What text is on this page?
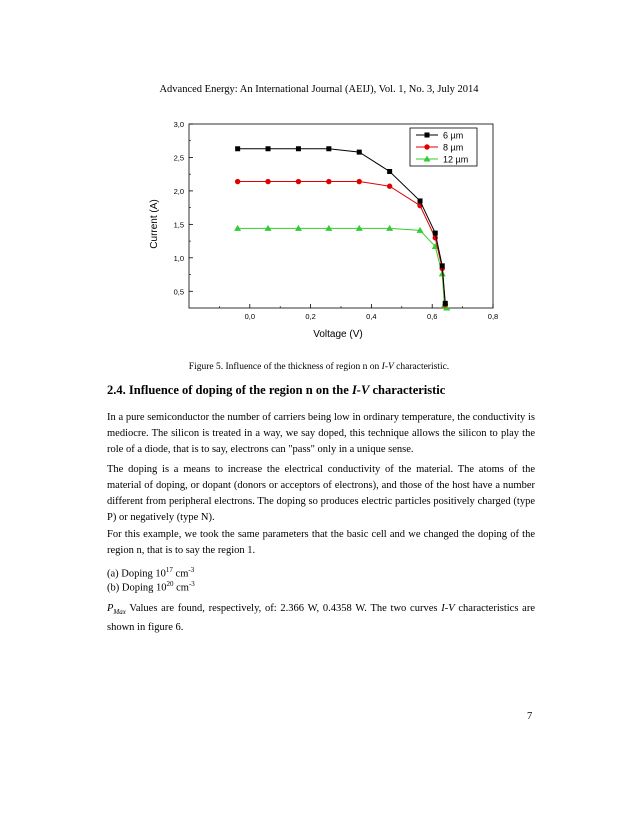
Advanced Energy: An International Journal (AEIJ), Vol. 1, No. 3, July 2014
0,5
1,0
1,5
2,0
2,5
3,0
0,0	0,2	0,4	0,6	0,8
Voltage (V)
Current (A)
6 µm
8 µm
12 µm
Figure 5. Influence of the thickness of region n on I-V characteristic.
2.4. Influence of doping of the region n on the I-V characteristic

In a pure semiconductor the number of carriers being low in ordinary temperature, the conductivity is mediocre. The silicon is treated in a way, we say doped, this technique allows the silicon to play the role of a diode, that is to say, electrons can "pass" only in a unique sense.

The doping is a means to increase the electrical conductivity of the material. The atoms of the material of doping, or dopant (donors or acceptors of electrons), and those of the host have a number different from peripheral electrons. The doping so produces electric particles positively charged (type P) or negatively (type N).

For this example, we took the same parameters that the basic cell and we changed the doping of the region n, that is to say the region 1.

(a) Doping $10^{17}$ $cm^{-3}$
(b) Doping $10^{20}$ $cm^{-3}$

$P_{Max}$ Values are found, respectively, of: 2.366 W, 0.4358 W. The two curves I-V characteristics are shown in figure 6.

7
